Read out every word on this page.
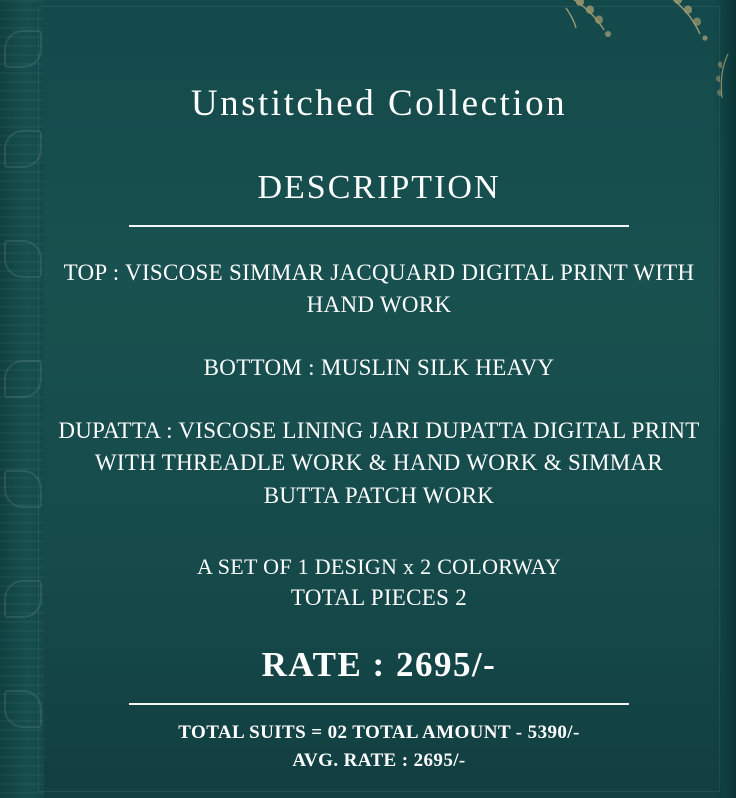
Unstitched Collection
DESCRIPTION
TOP : VISCOSE SIMMAR JACQUARD DIGITAL PRINT WITH HAND WORK
BOTTOM : MUSLIN SILK HEAVY
DUPATTA : VISCOSE LINING JARI DUPATTA DIGITAL PRINT WITH THREADLE WORK & HAND WORK & SIMMAR BUTTA PATCH WORK
A SET OF 1 DESIGN x 2 COLORWAY
TOTAL PIECES 2
RATE : 2695/-
TOTAL SUITS = 02 TOTAL AMOUNT - 5390/-
AVG. RATE : 2695/-
